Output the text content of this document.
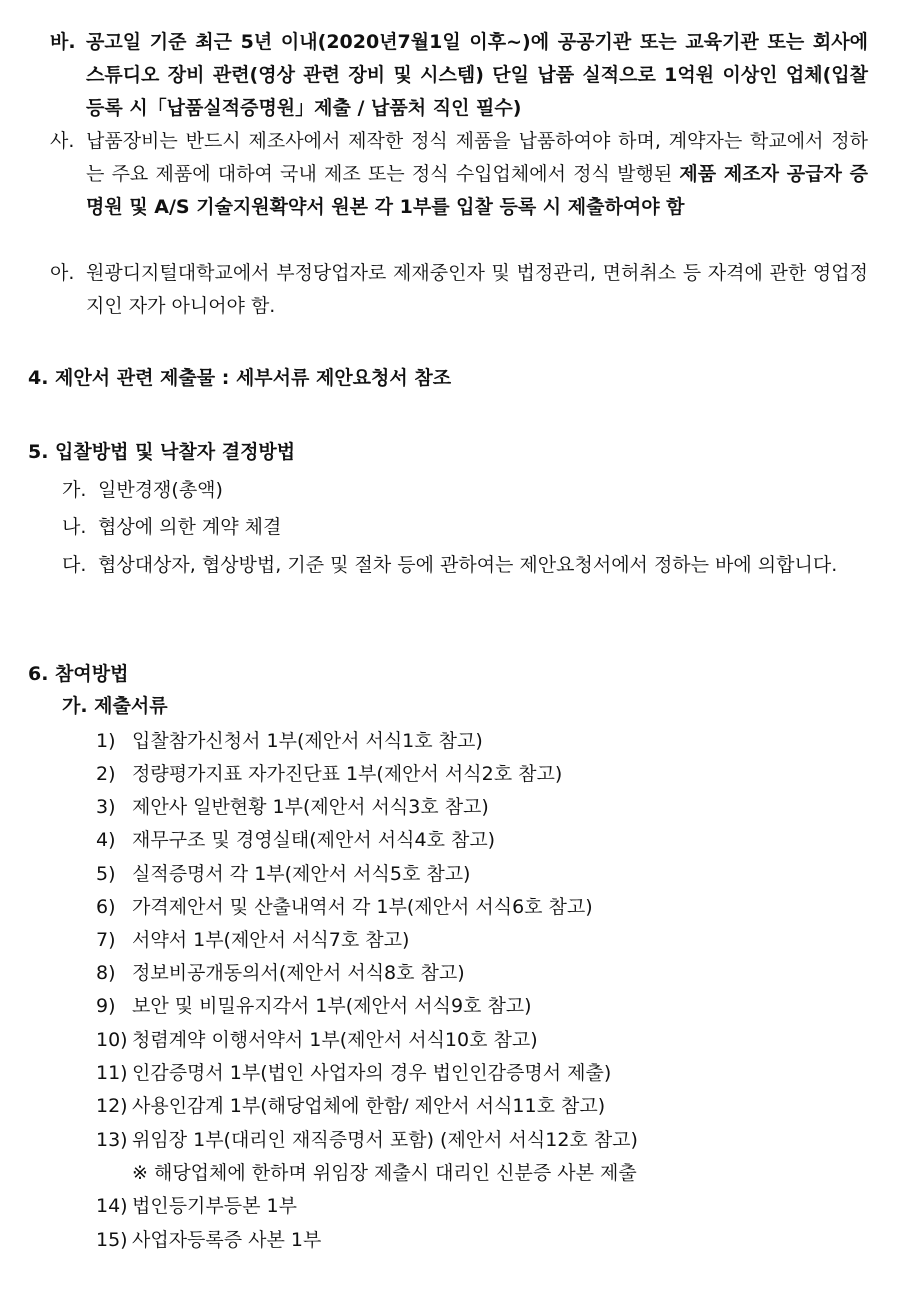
바. 공고일 기준 최근 5년 이내(2020년7월1일 이후~)에 공공기관 또는 교육기관 또는 회사에 스튜디오 장비 관련(영상 관련 장비 및 시스템) 단일 납품 실적으로 1억원 이상인 업체(입찰 등록 시「납품실적증명원」제출 / 납품처 직인 필수)
사. 납품장비는 반드시 제조사에서 제작한 정식 제품을 납품하여야 하며, 계약자는 학교에서 정하는 주요 제품에 대하여 국내 제조 또는 정식 수입업체에서 정식 발행된 제품 제조자 공급자 증명원 및 A/S 기술지원확약서 원본 각 1부를 입찰 등록 시 제출하여야 함
아. 원광디지털대학교에서 부정당업자로 제재중인자 및 법정관리, 면허취소 등 자격에 관한 영업정지인 자가 아니어야 함.
4. 제안서 관련 제출물 : 세부서류 제안요청서 참조
5. 입찰방법 및 낙찰자 결정방법
가. 일반경쟁(총액)
나. 협상에 의한 계약 체결
다. 협상대상자, 협상방법, 기준 및 절차 등에 관하여는 제안요청서에서 정하는 바에 의합니다.
6. 참여방법
가. 제출서류
1) 입찰참가신청서 1부(제안서 서식1호 참고)
2) 정량평가지표 자가진단표 1부(제안서 서식2호 참고)
3) 제안사 일반현황 1부(제안서 서식3호 참고)
4) 재무구조 및 경영실태(제안서 서식4호 참고)
5) 실적증명서 각 1부(제안서 서식5호 참고)
6) 가격제안서 및 산출내역서 각 1부(제안서 서식6호 참고)
7) 서약서 1부(제안서 서식7호 참고)
8) 정보비공개동의서(제안서 서식8호 참고)
9) 보안 및 비밀유지각서 1부(제안서 서식9호 참고)
10) 청렴계약 이행서약서 1부(제안서 서식10호 참고)
11) 인감증명서 1부(법인 사업자의 경우 법인인감증명서 제출)
12) 사용인감계 1부(해당업체에 한함/ 제안서 서식11호 참고)
13) 위임장 1부(대리인 재직증명서 포함) (제안서 서식12호 참고)
※ 해당업체에 한하며 위임장 제출시 대리인 신분증 사본 제출
14) 법인등기부등본 1부
15) 사업자등록증 사본 1부
